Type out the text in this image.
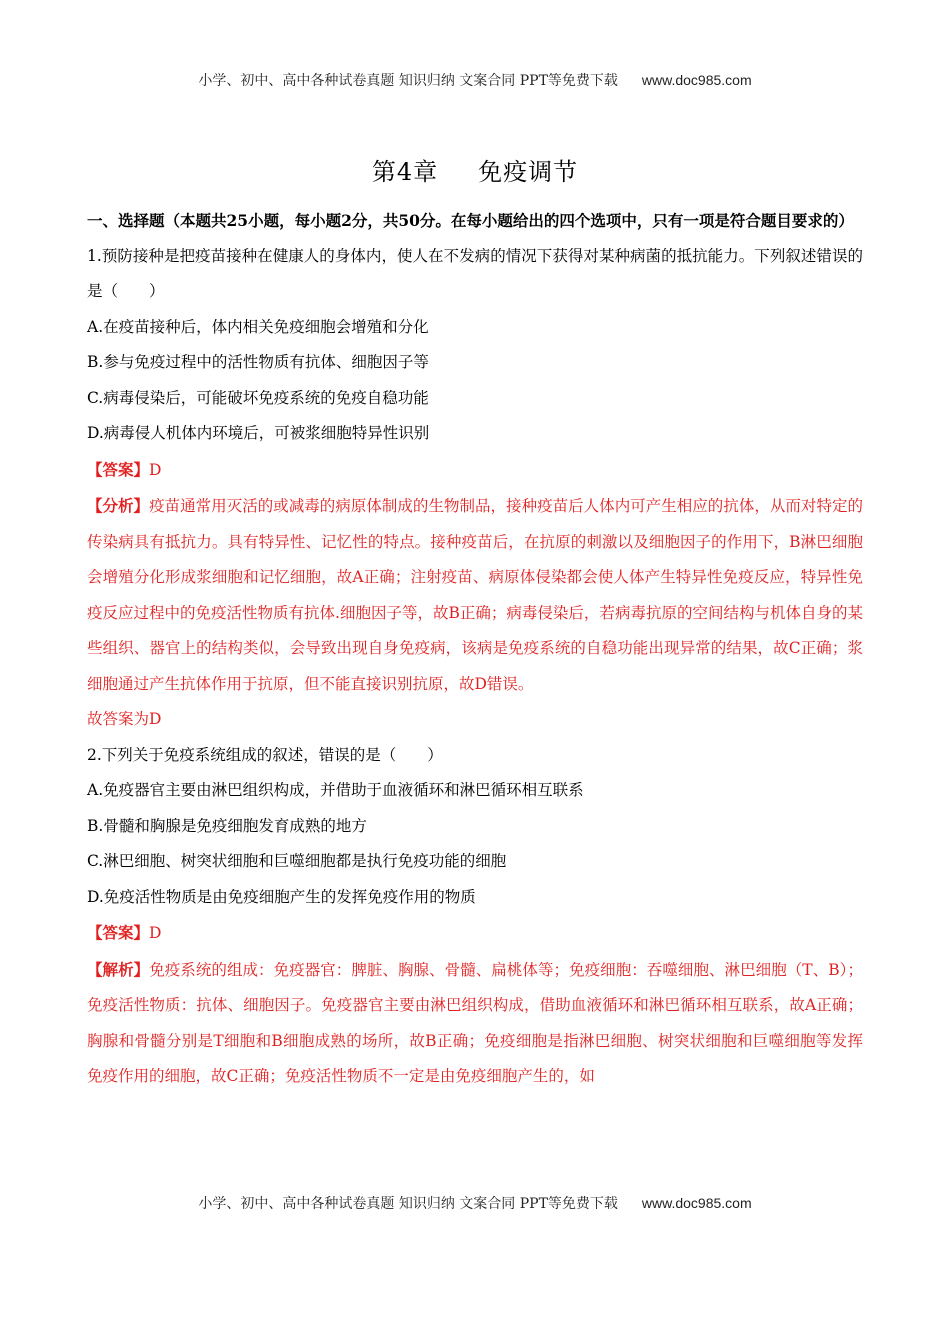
小学、初中、高中各种试卷真题 知识归纳 文案合同 PPT等免费下载 www.doc985.com
第4章 免疫调节

一、选择题（本题共25小题，每小题2分，共50分。在每小题给出的四个选项中，只有一项是符合题目要求的）

1.预防接种是把疫苗接种在健康人的身体内，使人在不发病的情况下获得对某种病菌的抵抗能力。下列叙述错误的是（　　）

A.在疫苗接种后，体内相关免疫细胞会增殖和分化

B.参与免疫过程中的活性物质有抗体、细胞因子等

C.病毒侵染后，可能破坏免疫系统的免疫自稳功能

D.病毒侵人机体内环境后，可被浆细胞特异性识别

【答案】D

【分析】疫苗通常用灭活的或减毒的病原体制成的生物制品，接种疫苗后人体内可产生相应的抗体，从而对特定的传染病具有抵抗力。具有特异性、记忆性的特点。接种疫苗后，在抗原的刺激以及细胞因子的作用下，B淋巴细胞会增殖分化形成浆细胞和记忆细胞，故A正确；注射疫苗、病原体侵染都会使人体产生特异性免疫反应，特异性免疫反应过程中的免疫活性物质有抗体.细胞因子等，故B正确；病毒侵染后，若病毒抗原的空间结构与机体自身的某些组织、器官上的结构类似，会导致出现自身免疫病，该病是免疫系统的自稳功能出现异常的结果，故C正确；浆细胞通过产生抗体作用于抗原，但不能直接识别抗原，故D错误。

故答案为D

2.下列关于免疫系统组成的叙述，错误的是（　　）

A.免疫器官主要由淋巴组织构成，并借助于血液循环和淋巴循环相互联系

B.骨髓和胸腺是免疫细胞发育成熟的地方

C.淋巴细胞、树突状细胞和巨噬细胞都是执行免疫功能的细胞

D.免疫活性物质是由免疫细胞产生的发挥免疫作用的物质

【答案】D

【解析】免疫系统的组成：免疫器官：脾脏、胸腺、骨髓、扁桃体等；免疫细胞：吞噬细胞、淋巴细胞（T、B）；免疫活性物质：抗体、细胞因子。免疫器官主要由淋巴组织构成，借助血液循环和淋巴循环相互联系，故A正确；胸腺和骨髓分别是T细胞和B细胞成熟的场所，故B正确；免疫细胞是指淋巴细胞、树突状细胞和巨噬细胞等发挥免疫作用的细胞，故C正确；免疫活性物质不一定是由免疫细胞产生的，如

小学、初中、高中各种试卷真题 知识归纳 文案合同 PPT等免费下载 www.doc985.com
